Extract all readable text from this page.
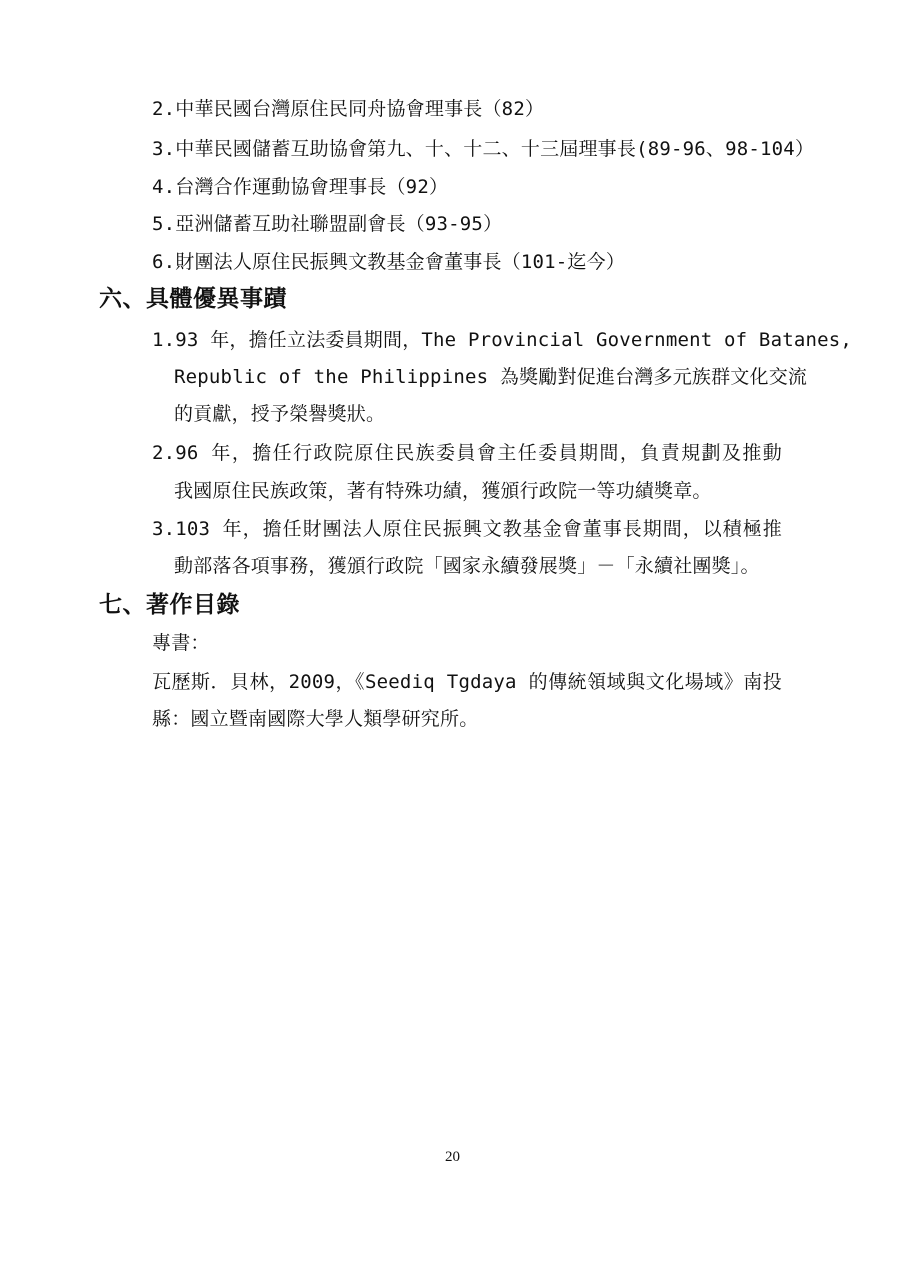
2.中華民國台灣原住民同舟協會理事長（82）
3.中華民國儲蓄互助協會第九、十、十二、十三屆理事長(89-96、98-104）
4.台灣合作運動協會理事長（92）
5.亞洲儲蓄互助社聯盟副會長（93-95）
6.財團法人原住民振興文教基金會董事長（101-迄今）
六、具體優異事蹟
1.93 年，擔任立法委員期間，The Provincial Government of Batanes,
Republic of the Philippines 為獎勵對促進台灣多元族群文化交流
的貢獻，授予榮譽獎狀。
2.96 年，擔任行政院原住民族委員會主任委員期間，負責規劃及推動
我國原住民族政策，著有特殊功績，獲頒行政院一等功績獎章。
3.103 年，擔任財團法人原住民振興文教基金會董事長期間，以積極推
動部落各項事務，獲頒行政院「國家永續發展獎」－「永續社團獎」。
七、著作目錄
專書：
瓦歷斯．貝林，2009，《Seediq Tgdaya 的傳統領域與文化場域》南投
縣：國立暨南國際大學人類學研究所。
20
